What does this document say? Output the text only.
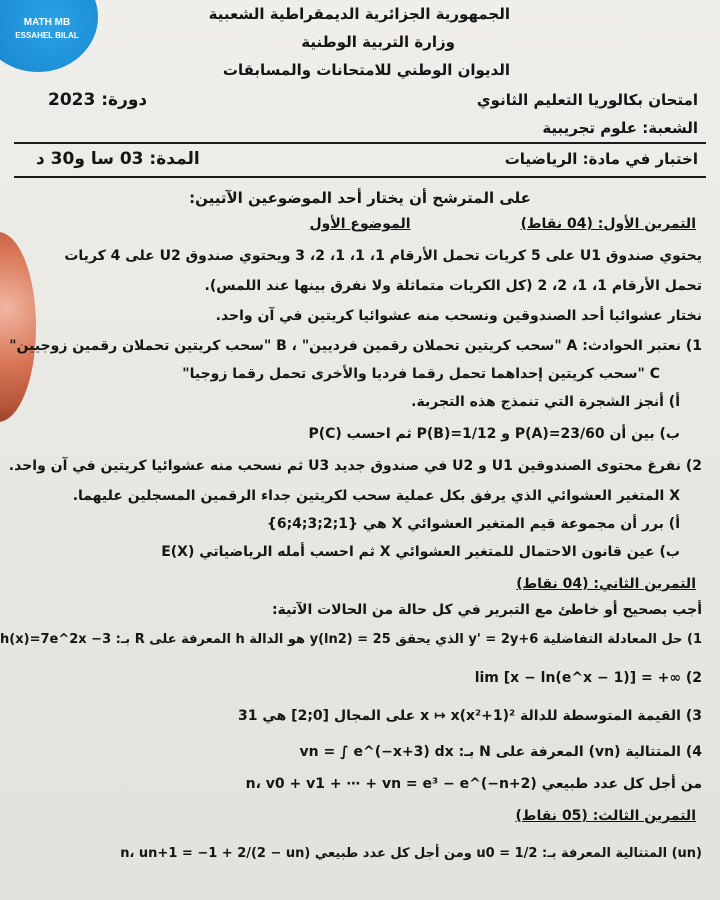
MATH MB
ESSAHEL BILAL
الجمهورية الجزائرية الديمقراطية الشعبية
وزارة التربية الوطنية
الديوان الوطني للامتحانات والمسابقات
امتحان بكالوريا التعليم الثانوي
دورة: 2023
الشعبة: علوم تجريبية
اختبار في مادة: الرياضيات
المدة: 03 سا و30 د
على المترشح أن يختار أحد الموضوعين الآتيين:
الموضوع الأول	التمرين الأول: (04 نقاط)
يحتوي صندوق U1 على 5 كريات تحمل الأرقام 1، 1، 1، 2، 3 ويحتوي صندوق U2 على 4 كريات
تحمل الأرقام 1، 1، 2، 2 (كل الكريات متماثلة ولا نفرق بينها عند اللمس).
نختار عشوائيا أحد الصندوقين ونسحب منه عشوائيا كريتين في آن واحد.
1) نعتبر الحوادث: A "سحب كريتين تحملان رقمين فرديين" ، B "سحب كريتين تحملان رقمين زوجيين"
C "سحب كريتين إحداهما تحمل رقما فرديا والأخرى تحمل رقما زوجيا"
أ) أنجز الشجرة التي تنمذج هذه التجربة.
ب) بين أن P(A)=23/60 و P(B)=1/12 ثم احسب P(C)
2) نفرغ محتوى الصندوقين U1 و U2 في صندوق جديد U3 ثم نسحب منه عشوائيا كريتين في آن واحد.
X المتغير العشوائي الذي يرفق بكل عملية سحب لكريتين جداء الرقمين المسجلين عليهما.
أ) برر أن مجموعة قيم المتغير العشوائي X هي {1;2;3;4;6}
ب) عين قانون الاحتمال للمتغير العشوائي X ثم احسب أمله الرياضياتي E(X)
التمرين الثاني: (04 نقاط)
أجب بصحيح أو خاطئ مع التبرير في كل حالة من الحالات الآتية:
1) حل المعادلة التفاضلية y' = 2y+6 الذي يحقق y(ln2) = 25 هو الدالة h المعرفة على R بـ: h(x)=7e^2x −3
lim [x − ln(e^x − 1)] = +∞ (2
3) القيمة المتوسطة للدالة x ↦ x(x²+1)² على المجال [0;2] هي 31
4) المتتالية (vn) المعرفة على N بـ: vn = ∫ e^(−x+3) dx
من أجل كل عدد طبيعي n، v0 + v1 + ⋯ + vn = e³ − e^(−n+2)
التمرين الثالث: (05 نقاط)
(un) المتتالية المعرفة بـ: u0 = 1/2 ومن أجل كل عدد طبيعي n، un+1 = −1 + 2/(2 − un)
